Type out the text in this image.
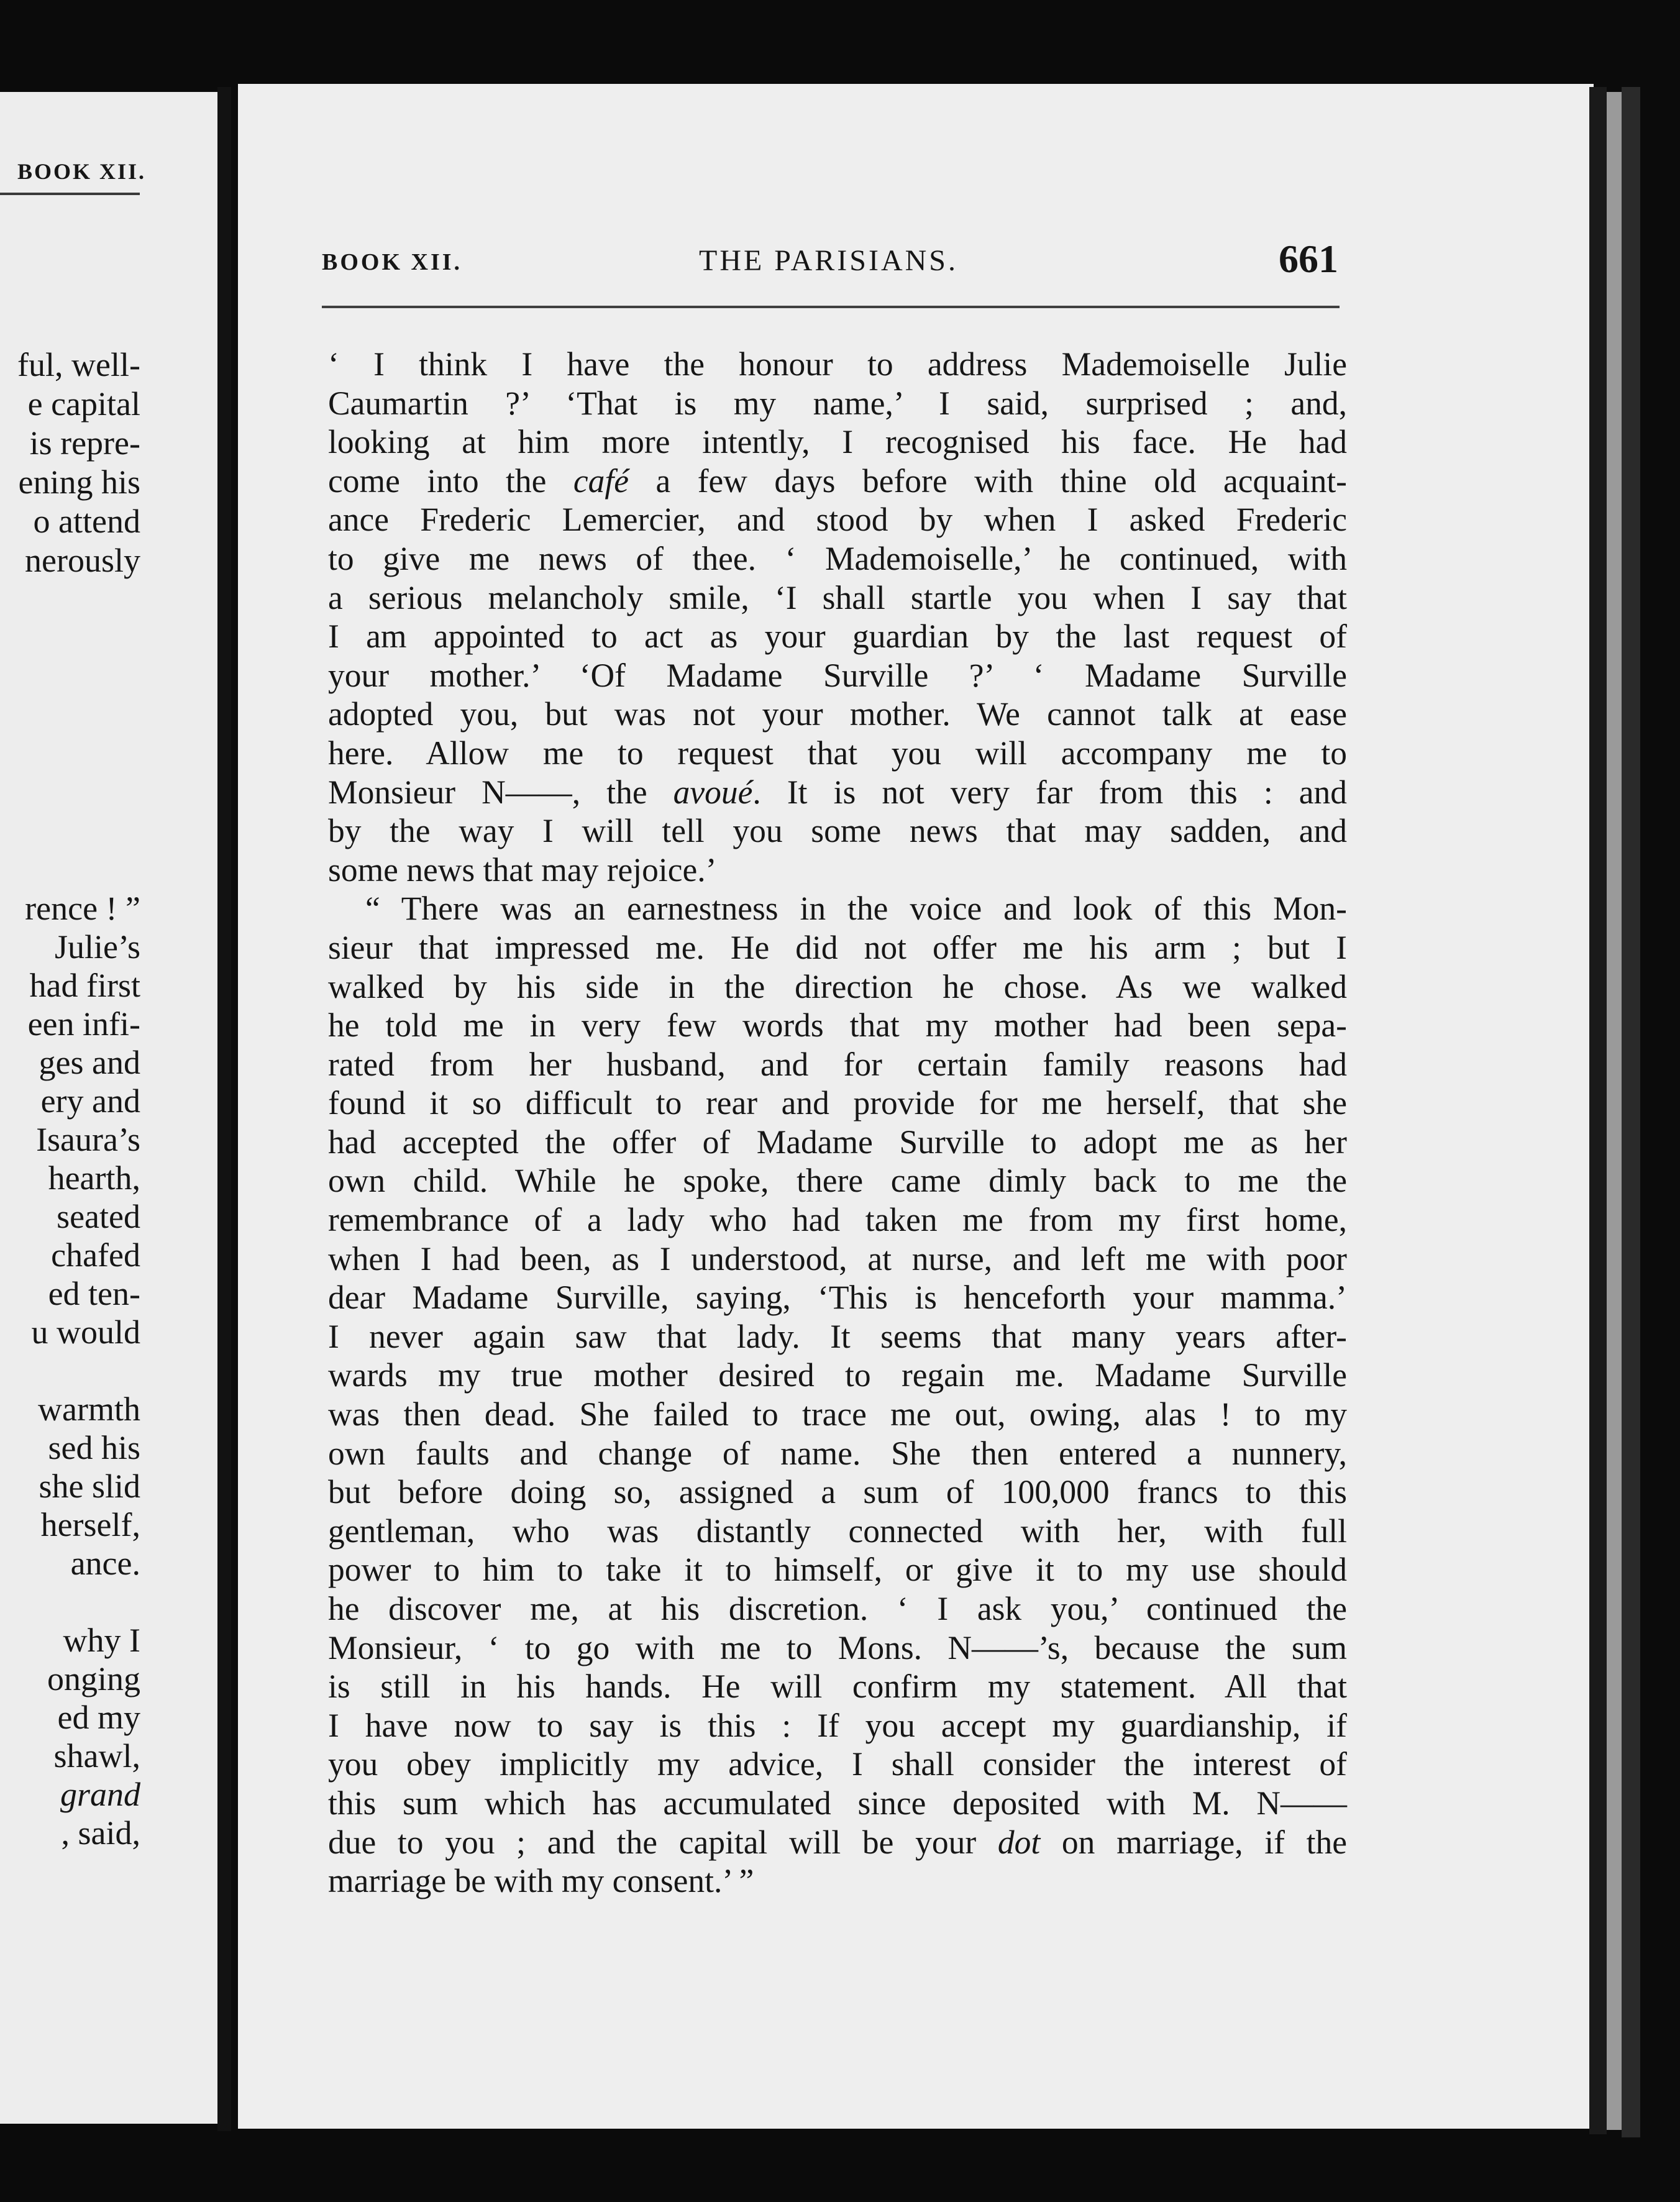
BOOK XII.
ful, well-
e capital
is repre-
ening his
o attend
nerously
rence ! ”
Julie’s
had first
een infi-
ges and
ery and
Isaura’s
hearth,
seated
chafed
ed ten-
u would
warmth
sed his
she slid
herself,
ance.
why I
onging
ed my
shawl,
grand
, said,
BOOK XII.	THE PARISIANS.	661
‘ I think I have the honour to address Mademoiselle Julie
Caumartin ?’ ‘That is my name,’ I said, surprised ; and,
looking at him more intently, I recognised his face. He had
come into the café a few days before with thine old acquaint-
ance Frederic Lemercier, and stood by when I asked Frederic
to give me news of thee. ‘ Mademoiselle,’ he continued, with
a serious melancholy smile, ‘I shall startle you when I say that
I am appointed to act as your guardian by the last request of
your mother.’ ‘Of Madame Surville ?’ ‘ Madame Surville
adopted you, but was not your mother. We cannot talk at ease
here. Allow me to request that you will accompany me to
Monsieur N——, the avoué. It is not very far from this : and
by the way I will tell you some news that may sadden, and
some news that may rejoice.’
“ There was an earnestness in the voice and look of this Mon-
sieur that impressed me. He did not offer me his arm ; but I
walked by his side in the direction he chose. As we walked
he told me in very few words that my mother had been sepa-
rated from her husband, and for certain family reasons had
found it so difficult to rear and provide for me herself, that she
had accepted the offer of Madame Surville to adopt me as her
own child. While he spoke, there came dimly back to me the
remembrance of a lady who had taken me from my first home,
when I had been, as I understood, at nurse, and left me with poor
dear Madame Surville, saying, ‘This is henceforth your mamma.’
I never again saw that lady. It seems that many years after-
wards my true mother desired to regain me. Madame Surville
was then dead. She failed to trace me out, owing, alas ! to my
own faults and change of name. She then entered a nunnery,
but before doing so, assigned a sum of 100,000 francs to this
gentleman, who was distantly connected with her, with full
power to him to take it to himself, or give it to my use should
he discover me, at his discretion. ‘ I ask you,’ continued the
Monsieur, ‘ to go with me to Mons. N——’s, because the sum
is still in his hands. He will confirm my statement. All that
I have now to say is this : If you accept my guardianship, if
you obey implicitly my advice, I shall consider the interest of
this sum which has accumulated since deposited with M. N——
due to you ; and the capital will be your dot on marriage, if the
marriage be with my consent.’ ”
